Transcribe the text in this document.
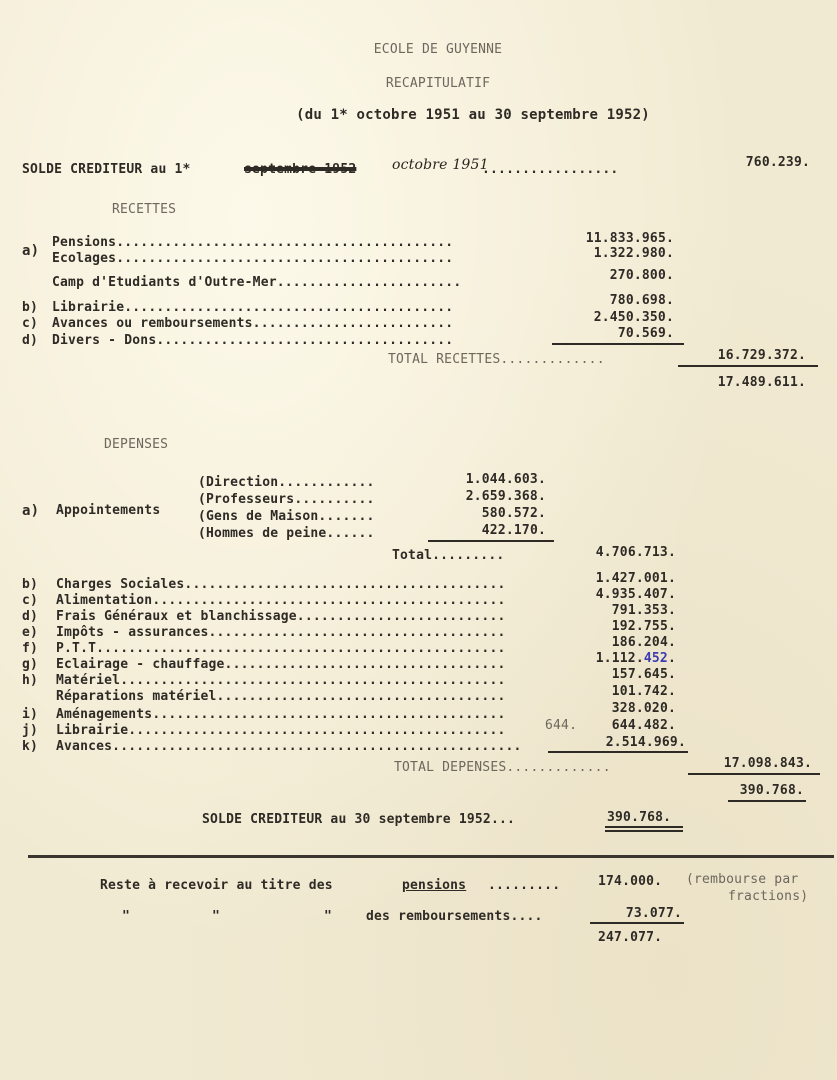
ECOLE DE GUYENNE
RECAPITULATIF
(du 1* octobre 1951 au 30 septembre 1952)
SOLDE CREDITEUR au 1*	septembre 1952	octobre 1951
.................	760.239.
RECETTES
a)
Pensions..........................................	11.833.965.
Ecolages..........................................	1.322.980.
Camp d'Etudiants d'Outre-Mer.......................	270.800.
b) Librairie.........................................	780.698.
c) Avances ou remboursements.........................	2.450.350.
d) Divers - Dons.....................................	70.569.
TOTAL RECETTES.............	16.729.372.
17.489.611.
DEPENSES
a) Appointements
(Direction............	1.044.603.
(Professeurs..........	2.659.368.
(Gens de Maison.......	580.572.
(Hommes de peine......	422.170.
Total.........	4.706.713.
b) Charges Sociales........................................	1.427.001.
c) Alimentation............................................	4.935.407.
d) Frais Généraux et blanchissage..........................	791.353.
e) Impôts - assurances.....................................	192.755.
f) P.T.T...................................................	186.204.
g) Eclairage - chauffage...................................	1.112.452.
h) Matériel................................................	157.645.
Réparations matériel....................................	101.742.
i) Aménagements............................................	328.020.
j) Librairie...............................................	644.	644.482.
k) Avances...................................................	2.514.969.
TOTAL DEPENSES.............	17.098.843.
390.768.
SOLDE CREDITEUR au 30 septembre 1952...	390.768.
Reste à recevoir au titre des	pensions .........	174.000. (rembourse par
fractions)
"	"	"	des remboursements....	73.077.
247.077.
